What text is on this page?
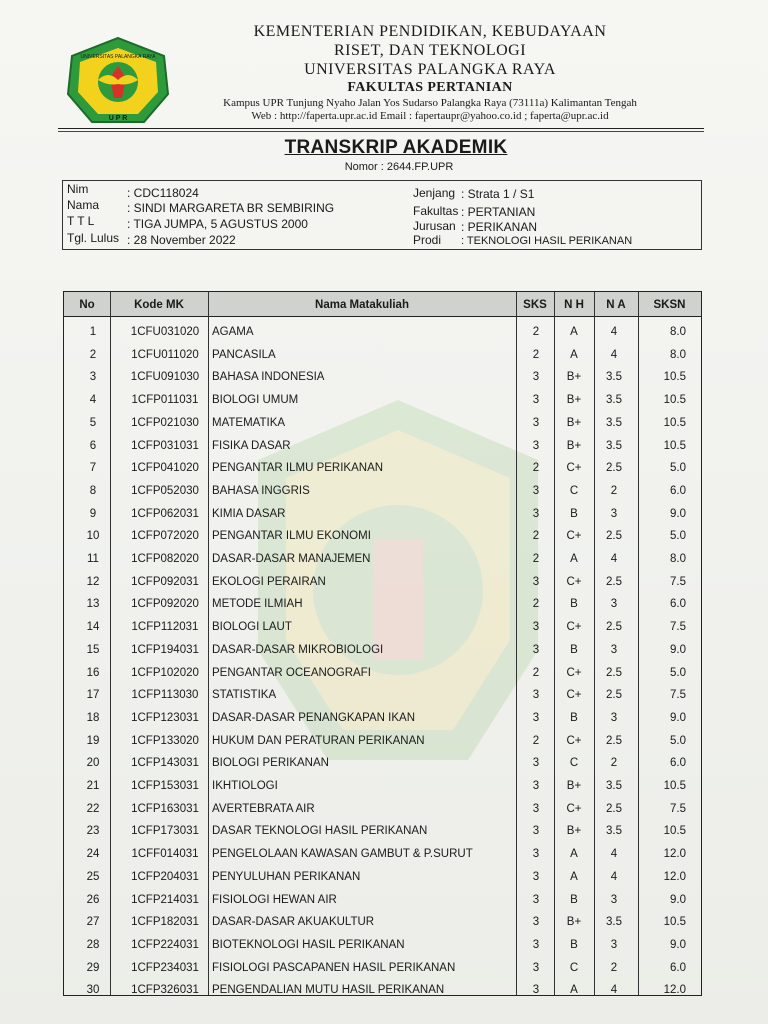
U P R
UNIVERSITAS PALANGKA RAYA
KEMENTERIAN PENDIDIKAN, KEBUDAYAAN
RISET, DAN TEKNOLOGI
UNIVERSITAS PALANGKA RAYA
FAKULTAS PERTANIAN
Kampus UPR Tunjung Nyaho Jalan Yos Sudarso Palangka Raya (73111a) Kalimantan Tengah
Web : http://faperta.upr.ac.id Email : fapertaupr@yahoo.co.id ; faperta@upr.ac.id
TRANSKRIP AKADEMIK
Nomor : 2644.FP.UPR
Nim	: CDC118024
Nama : SINDI MARGARETA BR SEMBIRING
T T L	: TIGA JUMPA, 5 AGUSTUS 2000
Tgl. Lulus : 28 November 2022
Jenjang : Strata 1 / S1
Fakultas : PERTANIAN
Jurusan : PERIKANAN
Prodi : TEKNOLOGI HASIL PERIKANAN
No	Kode MK	Nama Matakuliah	SKS	N H	N A	SKSN
1	1CFU031020	AGAMA	2	A	4	8.0
2	1CFU011020	PANCASILA	2	A	4	8.0
3	1CFU091030	BAHASA INDONESIA	3	B+	3.5	10.5
4	1CFP011031	BIOLOGI UMUM	3	B+	3.5	10.5
5	1CFP021030	MATEMATIKA	3	B+	3.5	10.5
6	1CFP031031	FISIKA DASAR	3	B+	3.5	10.5
7	1CFP041020	PENGANTAR ILMU PERIKANAN	2	C+	2.5	5.0
8	1CFP052030	BAHASA INGGRIS	3	C	2	6.0
9	1CFP062031	KIMIA DASAR	3	B	3	9.0
10	1CFP072020	PENGANTAR ILMU EKONOMI	2	C+	2.5	5.0
11	1CFP082020	DASAR-DASAR MANAJEMEN	2	A	4	8.0
12	1CFP092031	EKOLOGI PERAIRAN	3	C+	2.5	7.5
13	1CFP092020	METODE ILMIAH	2	B	3	6.0
14	1CFP112031	BIOLOGI LAUT	3	C+	2.5	7.5
15	1CFP194031	DASAR-DASAR MIKROBIOLOGI	3	B	3	9.0
16	1CFP102020	PENGANTAR OCEANOGRAFI	2	C+	2.5	5.0
17	1CFP113030	STATISTIKA	3	C+	2.5	7.5
18	1CFP123031	DASAR-DASAR PENANGKAPAN IKAN	3	B	3	9.0
19	1CFP133020	HUKUM DAN PERATURAN PERIKANAN	2	C+	2.5	5.0
20	1CFP143031	BIOLOGI PERIKANAN	3	C	2	6.0
21	1CFP153031	IKHTIOLOGI	3	B+	3.5	10.5
22	1CFP163031	AVERTEBRATA AIR	3	C+	2.5	7.5
23	1CFP173031	DASAR TEKNOLOGI HASIL PERIKANAN	3	B+	3.5	10.5
24	1CFF014031	PENGELOLAAN KAWASAN GAMBUT & P.SURUT	3	A	4	12.0
25	1CFP204031	PENYULUHAN PERIKANAN	3	A	4	12.0
26	1CFP214031	FISIOLOGI HEWAN AIR	3	B	3	9.0
27	1CFP182031	DASAR-DASAR AKUAKULTUR	3	B+	3.5	10.5
28	1CFP224031	BIOTEKNOLOGI HASIL PERIKANAN	3	B	3	9.0
29	1CFP234031	FISIOLOGI PASCAPANEN HASIL PERIKANAN	3	C	2	6.0
30	1CFP326031	PENGENDALIAN MUTU HASIL PERIKANAN	3	A	4	12.0
